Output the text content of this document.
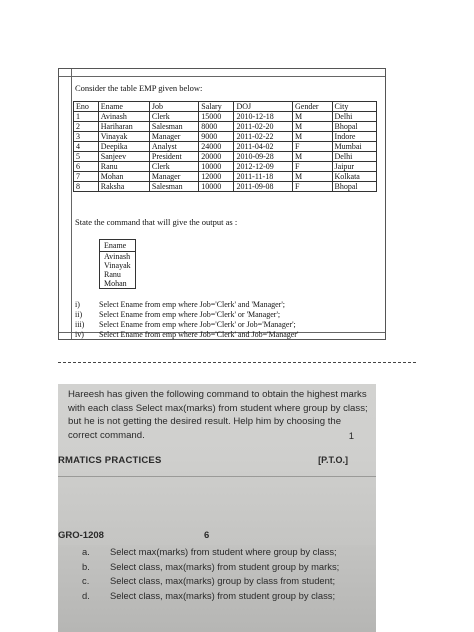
Consider the table EMP given below:
Eno	Ename	Job	Salary	DOJ	Gender	City
1	Avinash	Clerk	15000	2010-12-18	M	Delhi
2	Hariharan	Salesman	8000	2011-02-20	M	Bhopal
3	Vinayak	Manager	9000	2011-02-22	M	Indore
4	Deepika	Analyst	24000	2011-04-02	F	Mumbai
5	Sanjeev	President	20000	2010-09-28	M	Delhi
6	Ranu	Clerk	10000	2012-12-09	F	Jaipur
7	Mohan	Manager	12000	2011-11-18	M	Kolkata
8	Raksha	Salesman	10000	2011-09-08	F	Bhopal
State the command that will give the output as :
Ename
Avinash
Vinayak
Ranu
Mohan
i)	Select Ename from emp where Job='Clerk' and 'Manager';
ii)	Select Ename from emp where Job='Clerk' or 'Manager';
iii)	Select Ename from emp where Job='Clerk' or Job='Manager';
iv)	Select Ename from emp where Job='Clerk' and Job='Manager'
Hareesh has given the following command to obtain the highest marks with each class Select max(marks) from student where group by class; but he is not getting the desired result. Help him by choosing the correct command.	1
RMATICS PRACTICES	[P.T.O.]
GRO-1208	6
a.	Select max(marks) from student where group by class;
b.	Select class, max(marks) from student group by marks;
c.	Select class, max(marks) group by class from student;
d.	Select class, max(marks) from student group by class;
